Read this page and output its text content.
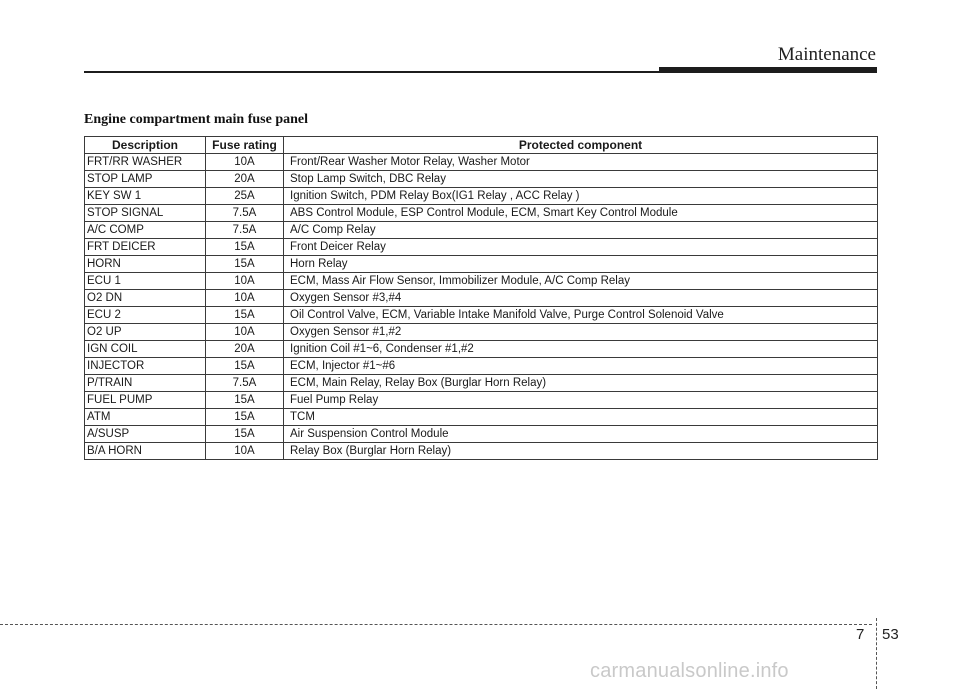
Maintenance
Engine compartment main fuse panel
Description	Fuse rating	Protected component
FRT/RR WASHER	10A	Front/Rear Washer Motor Relay, Washer Motor
STOP LAMP	20A	Stop Lamp Switch, DBC Relay
KEY SW 1	25A	Ignition Switch, PDM Relay Box(IG1 Relay , ACC Relay )
STOP SIGNAL	7.5A	ABS Control Module, ESP Control Module, ECM, Smart Key Control Module
A/C COMP	7.5A	A/C Comp Relay
FRT DEICER	15A	Front Deicer Relay
HORN	15A	Horn Relay
ECU 1	10A	ECM, Mass Air Flow Sensor, Immobilizer Module, A/C Comp Relay
O2 DN	10A	Oxygen Sensor #3,#4
ECU 2	15A	Oil Control Valve, ECM, Variable Intake Manifold Valve, Purge Control Solenoid Valve
O2 UP	10A	Oxygen Sensor #1,#2
IGN COIL	20A	Ignition Coil #1~6, Condenser #1,#2
INJECTOR	15A	ECM, Injector #1~#6
P/TRAIN	7.5A	ECM, Main Relay, Relay Box (Burglar Horn Relay)
FUEL PUMP	15A	Fuel Pump Relay
ATM	15A	TCM
A/SUSP	15A	Air Suspension Control Module
B/A HORN	10A	Relay Box (Burglar Horn Relay)
7 53
carmanualsonline.info
